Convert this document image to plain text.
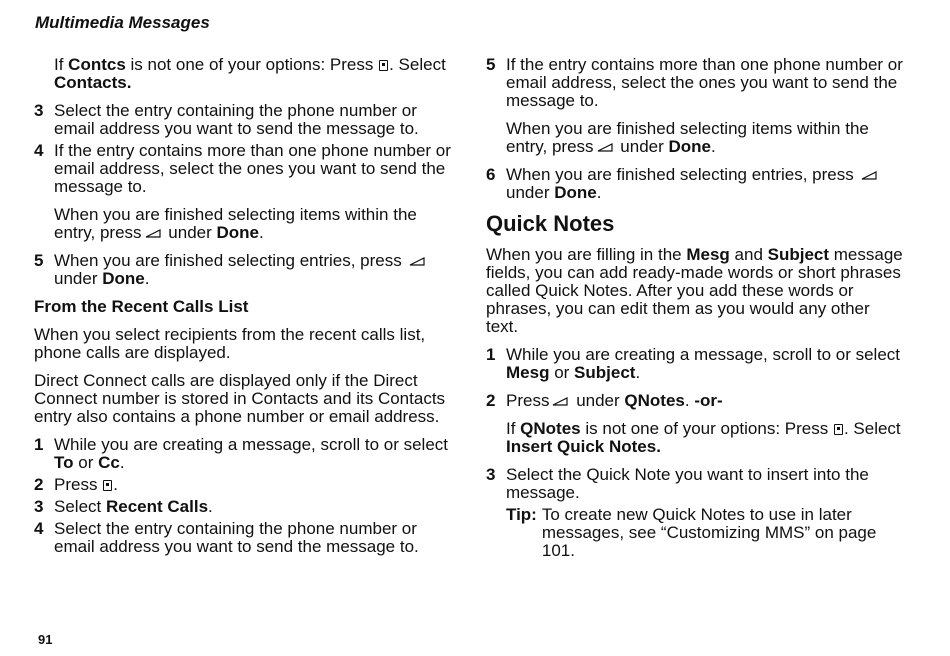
Multimedia Messages
If Contcs is not one of your options: Press . Select Contacts.
3 Select the entry containing the phone number or email address you want to send the message to.
4 If the entry contains more than one phone number or email address, select the ones you want to send the message to.
When you are finished selecting items within the entry, press
under Done.
5 When you are finished selecting entries, press
under Done.
From the Recent Calls List
When you select recipients from the recent calls list, phone calls are displayed.
Direct Connect calls are displayed only if the Direct Connect number is stored in Contacts and its Contacts entry also contains a phone number or email address.
1 While you are creating a message, scroll to or select To or Cc.
2 Press .
3 Select Recent Calls.
4 Select the entry containing the phone number or email address you want to send the message to.
5 If the entry contains more than one phone number or email address, select the ones you want to send the message to.
When you are finished selecting items within the entry, press
under Done.
6 When you are finished selecting entries, press
under Done.
Quick Notes
When you are filling in the Mesg and Subject message fields, you can add ready-made words or short phrases called Quick Notes. After you add these words or phrases, you can edit them as you would any other text.
1 While you are creating a message, scroll to or select Mesg or Subject.
2 Press
under QNotes. -or-
If QNotes is not one of your options: Press . Select Insert Quick Notes.
3 Select the Quick Note you want to insert into the message.
Tip: To create new Quick Notes to use in later messages, see “Customizing MMS” on page 101.
91
